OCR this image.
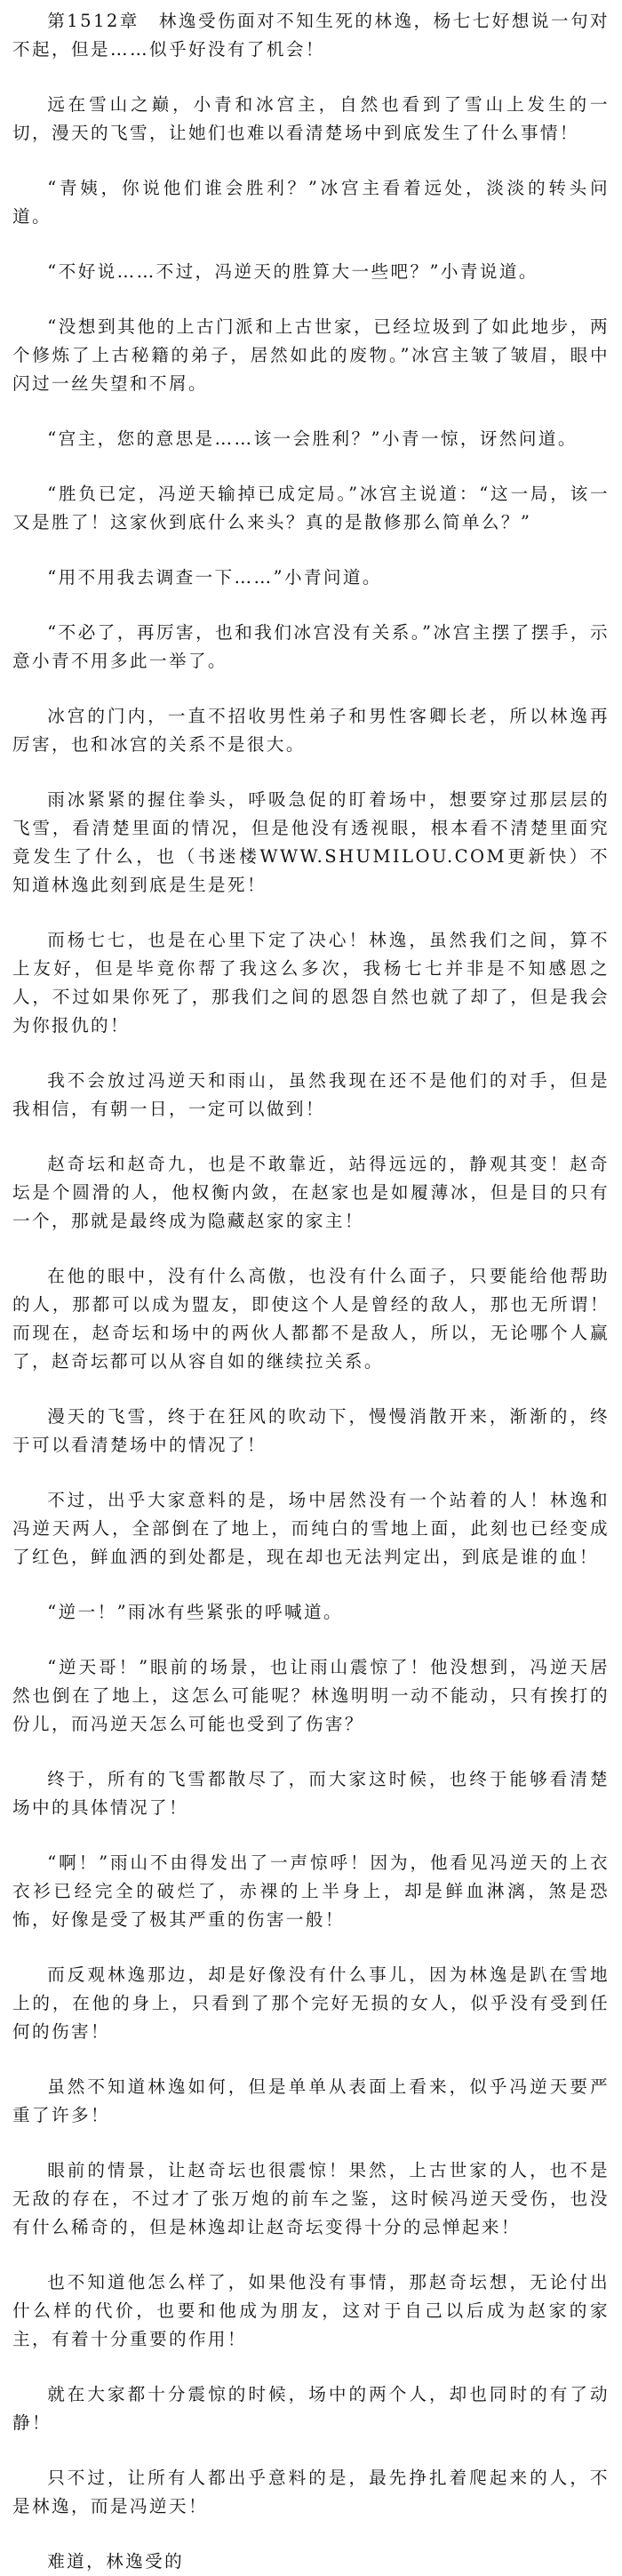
第1512章　林逸受伤面对不知生死的林逸，杨七七好想说一句对不起，但是……似乎好没有了机会！

远在雪山之巅，小青和冰宫主，自然也看到了雪山上发生的一切，漫天的飞雪，让她们也难以看清楚场中到底发生了什么事情！

“青姨，你说他们谁会胜利？”冰宫主看着远处，淡淡的转头问道。

“不好说……不过，冯逆天的胜算大一些吧？”小青说道。

“没想到其他的上古门派和上古世家，已经垃圾到了如此地步，两个修炼了上古秘籍的弟子，居然如此的废物。”冰宫主皱了皱眉，眼中闪过一丝失望和不屑。

“宫主，您的意思是……该一会胜利？”小青一惊，讶然问道。

“胜负已定，冯逆天输掉已成定局。”冰宫主说道：“这一局，该一又是胜了！这家伙到底什么来头？真的是散修那么简单么？”

“用不用我去调查一下……”小青问道。

“不必了，再厉害，也和我们冰宫没有关系。”冰宫主摆了摆手，示意小青不用多此一举了。

冰宫的门内，一直不招收男性弟子和男性客卿长老，所以林逸再厉害，也和冰宫的关系不是很大。

雨冰紧紧的握住拳头，呼吸急促的盯着场中，想要穿过那层层的飞雪，看清楚里面的情况，但是他没有透视眼，根本看不清楚里面究竟发生了什么，也（书迷楼WWW.SHUMILOU.COM更新快）不知道林逸此刻到底是生是死！

而杨七七，也是在心里下定了决心！林逸，虽然我们之间，算不上友好，但是毕竟你帮了我这么多次，我杨七七并非是不知感恩之人，不过如果你死了，那我们之间的恩怨自然也就了却了，但是我会为你报仇的！

我不会放过冯逆天和雨山，虽然我现在还不是他们的对手，但是我相信，有朝一日，一定可以做到！

赵奇坛和赵奇九，也是不敢靠近，站得远远的，静观其变！赵奇坛是个圆滑的人，他权衡内敛，在赵家也是如履薄冰，但是目的只有一个，那就是最终成为隐藏赵家的家主！

在他的眼中，没有什么高傲，也没有什么面子，只要能给他帮助的人，那都可以成为盟友，即使这个人是曾经的敌人，那也无所谓！而现在，赵奇坛和场中的两伙人都都不是敌人，所以，无论哪个人赢了，赵奇坛都可以从容自如的继续拉关系。

漫天的飞雪，终于在狂风的吹动下，慢慢消散开来，渐渐的，终于可以看清楚场中的情况了！

不过，出乎大家意料的是，场中居然没有一个站着的人！林逸和冯逆天两人，全部倒在了地上，而纯白的雪地上面，此刻也已经变成了红色，鲜血洒的到处都是，现在却也无法判定出，到底是谁的血！

“逆一！”雨冰有些紧张的呼喊道。

“逆天哥！”眼前的场景，也让雨山震惊了！他没想到，冯逆天居然也倒在了地上，这怎么可能呢？林逸明明一动不能动，只有挨打的份儿，而冯逆天怎么可能也受到了伤害？

终于，所有的飞雪都散尽了，而大家这时候，也终于能够看清楚场中的具体情况了！

“啊！”雨山不由得发出了一声惊呼！因为，他看见冯逆天的上衣衣衫已经完全的破烂了，赤裸的上半身上，却是鲜血淋漓，煞是恐怖，好像是受了极其严重的伤害一般！

而反观林逸那边，却是好像没有什么事儿，因为林逸是趴在雪地上的，在他的身上，只看到了那个完好无损的女人，似乎没有受到任何的伤害！

虽然不知道林逸如何，但是单单从表面上看来，似乎冯逆天要严重了许多！

眼前的情景，让赵奇坛也很震惊！果然，上古世家的人，也不是无敌的存在，不过才了张万炮的前车之鉴，这时候冯逆天受伤，也没有什么稀奇的，但是林逸却让赵奇坛变得十分的忌惮起来！

也不知道他怎么样了，如果他没有事情，那赵奇坛想，无论付出什么样的代价，也要和他成为朋友，这对于自己以后成为赵家的家主，有着十分重要的作用！

就在大家都十分震惊的时候，场中的两个人，却也同时的有了动静！

只不过，让所有人都出乎意料的是，最先挣扎着爬起来的人，不是林逸，而是冯逆天！

难道，林逸受的
